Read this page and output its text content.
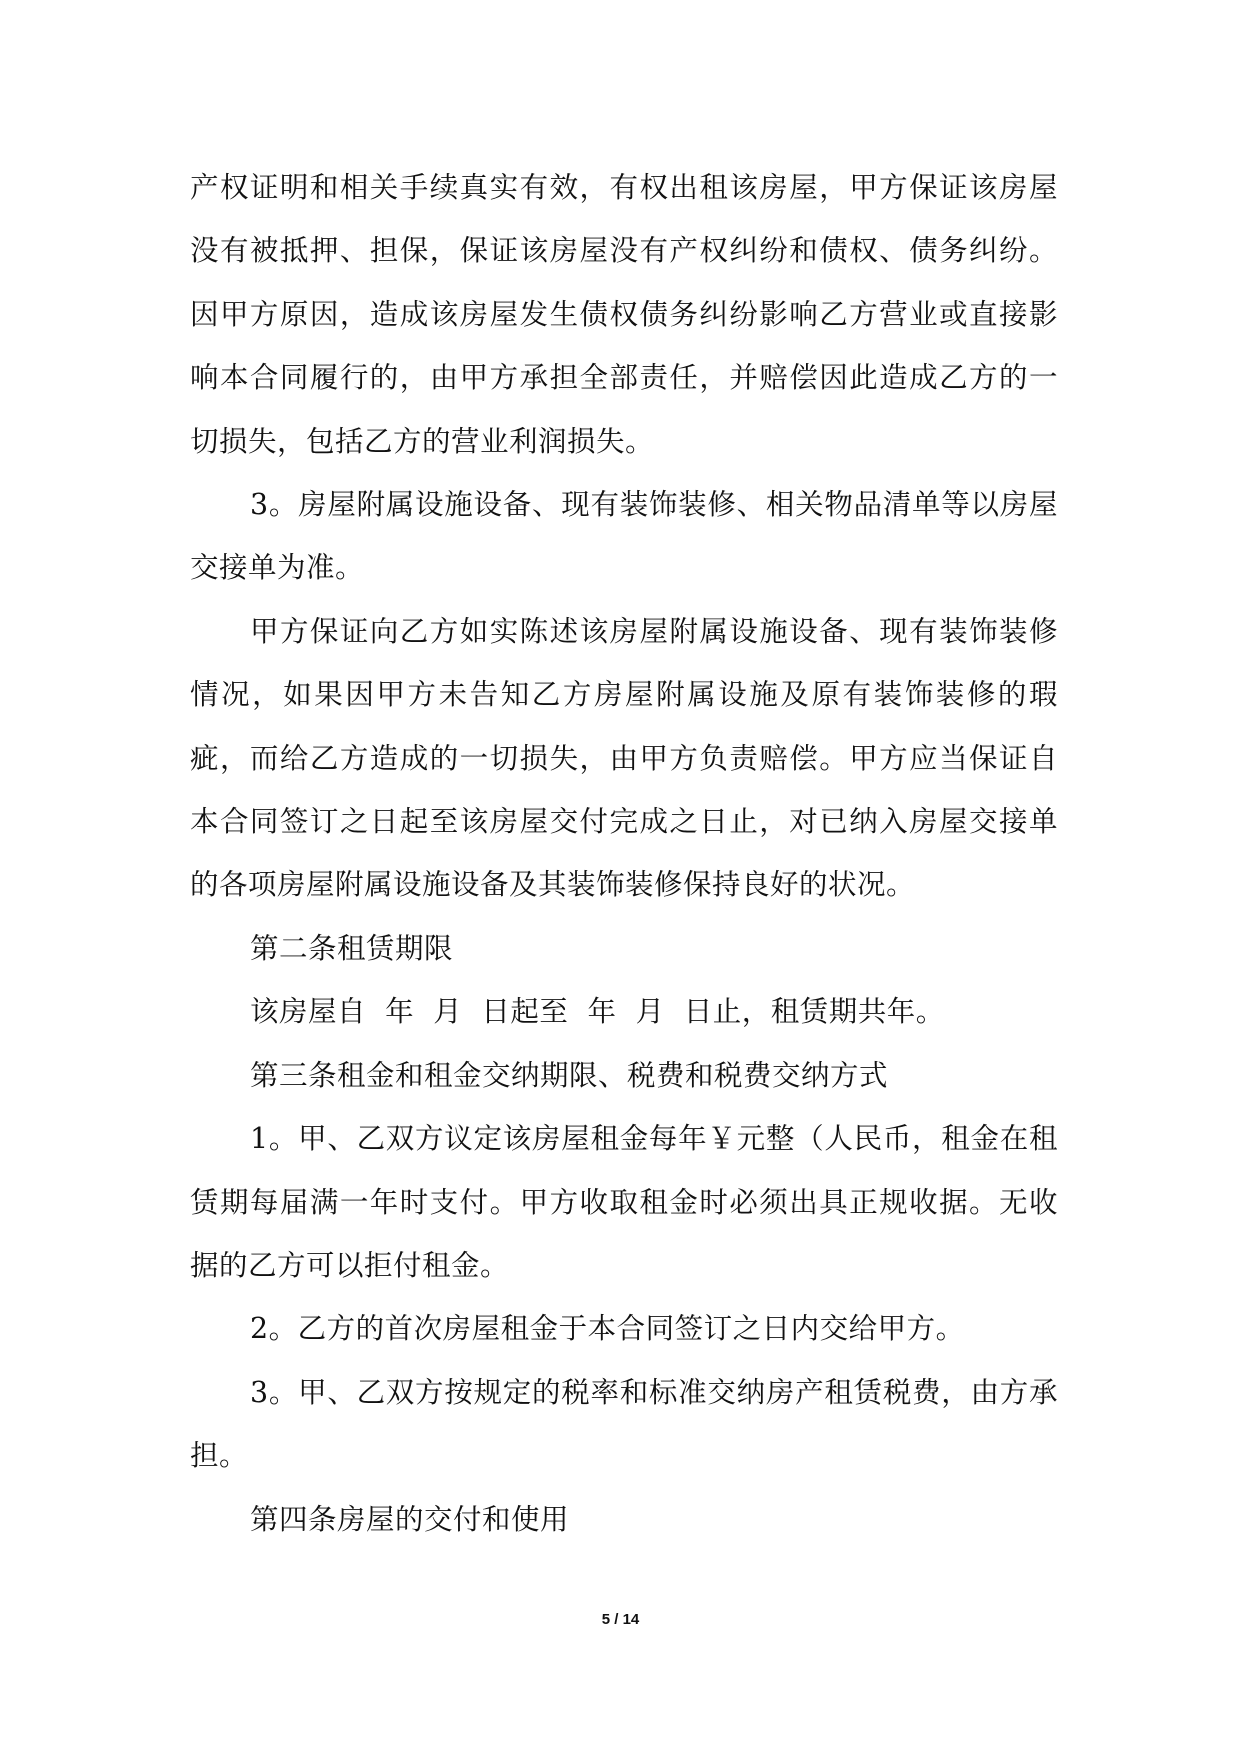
产权证明和相关手续真实有效，有权出租该房屋，甲方保证该房屋没有被抵押、担保，保证该房屋没有产权纠纷和债权、债务纠纷。因甲方原因，造成该房屋发生债权债务纠纷影响乙方营业或直接影响本合同履行的，由甲方承担全部责任，并赔偿因此造成乙方的一切损失，包括乙方的营业利润损失。

3。房屋附属设施设备、现有装饰装修、相关物品清单等以房屋交接单为准。

甲方保证向乙方如实陈述该房屋附属设施设备、现有装饰装修情况，如果因甲方未告知乙方房屋附属设施及原有装饰装修的瑕疵，而给乙方造成的一切损失，由甲方负责赔偿。甲方应当保证自本合同签订之日起至该房屋交付完成之日止，对已纳入房屋交接单的各项房屋附属设施设备及其装饰装修保持良好的状况。

第二条租赁期限

该房屋自  年  月  日起至  年  月  日止，租赁期共年。

第三条租金和租金交纳期限、税费和税费交纳方式

1。甲、乙双方议定该房屋租金每年￥元整（人民币，租金在租赁期每届满一年时支付。甲方收取租金时必须出具正规收据。无收据的乙方可以拒付租金。

2。乙方的首次房屋租金于本合同签订之日内交给甲方。

3。甲、乙双方按规定的税率和标准交纳房产租赁税费，由方承担。

第四条房屋的交付和使用

5 / 14
